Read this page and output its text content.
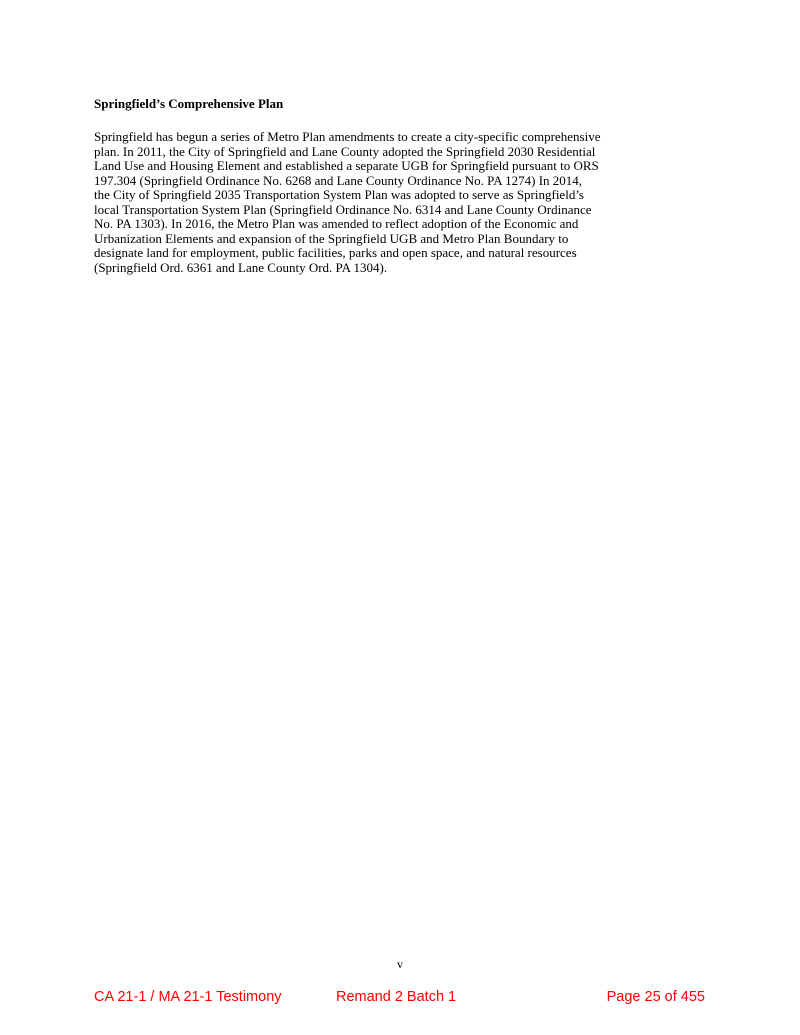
Springfield’s Comprehensive Plan

Springfield has begun a series of Metro Plan amendments to create a city-specific comprehensive
plan. In 2011, the City of Springfield and Lane County adopted the Springfield 2030 Residential
Land Use and Housing Element and established a separate UGB for Springfield pursuant to ORS
197.304 (Springfield Ordinance No. 6268 and Lane County Ordinance No. PA 1274) In 2014,
the City of Springfield 2035 Transportation System Plan was adopted to serve as Springfield’s
local Transportation System Plan (Springfield Ordinance No. 6314 and Lane County Ordinance
No. PA 1303). In 2016, the Metro Plan was amended to reflect adoption of the Economic and
Urbanization Elements and expansion of the Springfield UGB and Metro Plan Boundary to
designate land for employment, public facilities, parks and open space, and natural resources
(Springfield Ord. 6361 and Lane County Ord. PA 1304).

v
CA 21-1 / MA 21-1 Testimony	Remand 2 Batch 1	Page 25 of 455
